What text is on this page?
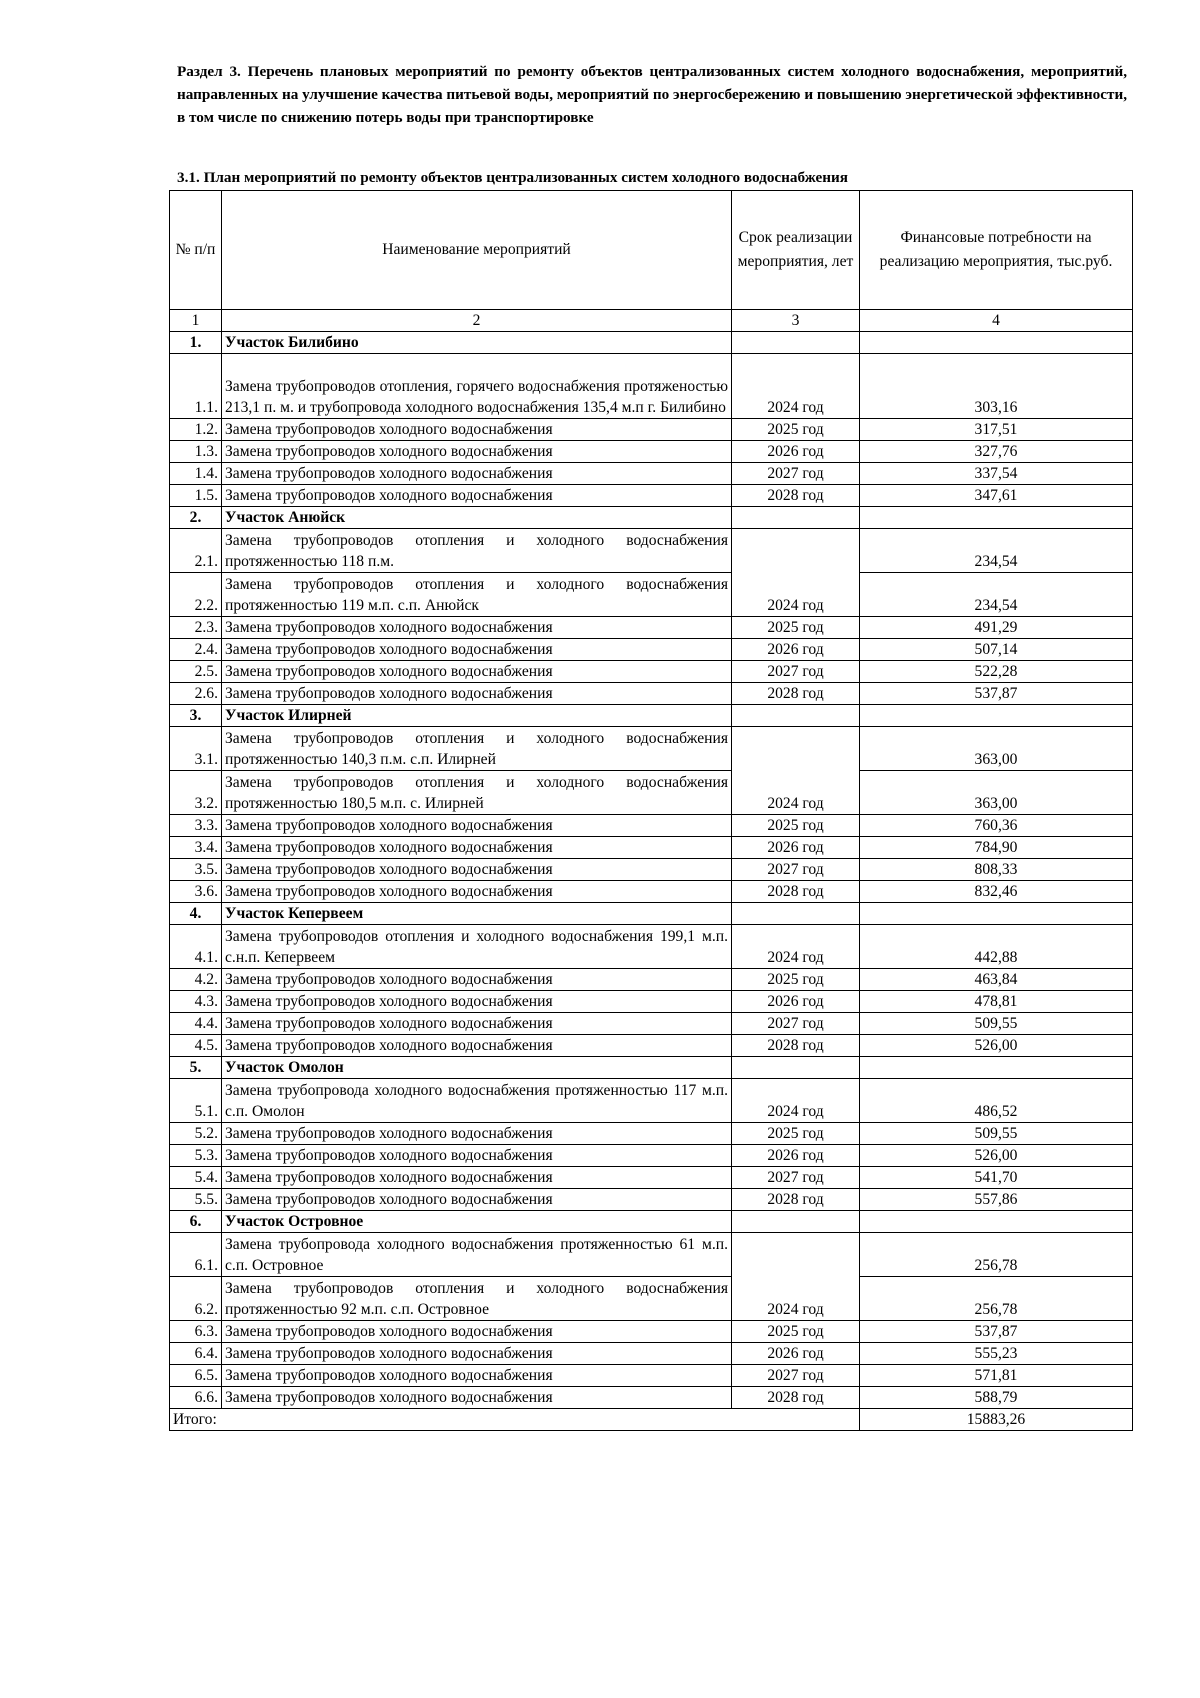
Раздел 3. Перечень плановых мероприятий по ремонту объектов централизованных систем холодного водоснабжения, мероприятий, направленных на улучшение качества питьевой воды, мероприятий по энергосбережению и повышению энергетической эффективности, в том числе по снижению потерь воды при транспортировке
3.1. План мероприятий по ремонту объектов централизованных систем холодного водоснабжения
№ п/п	Наименование мероприятий	Срок реализации мероприятия, лет	Финансовые потребности на реализацию мероприятия, тыс.руб.
1	2	3	4
1.	Участок Билибино		
1.1.	Замена трубопроводов отопления, горячего водоснабжения протяженостью 213,1 п. м. и трубопровода холодного водоснабжения 135,4 м.п г. Билибино	2024 год	303,16
1.2.	Замена трубопроводов холодного водоснабжения	2025 год	317,51
1.3.	Замена трубопроводов холодного водоснабжения	2026 год	327,76
1.4.	Замена трубопроводов холодного водоснабжения	2027 год	337,54
1.5.	Замена трубопроводов холодного водоснабжения	2028 год	347,61
2.	Участок Анюйск		
2.1.	Замена трубопроводов отопления и холодного водоснабжения протяженностью 118 п.м.	2024 год	234,54
2.2.	Замена трубопроводов отопления и холодного водоснабжения протяженностью 119 м.п. с.п. Анюйск		234,54
2.3.	Замена трубопроводов холодного водоснабжения	2025 год	491,29
2.4.	Замена трубопроводов холодного водоснабжения	2026 год	507,14
2.5.	Замена трубопроводов холодного водоснабжения	2027 год	522,28
2.6.	Замена трубопроводов холодного водоснабжения	2028 год	537,87
3.	Участок Илирней		
3.1.	Замена трубопроводов отопления и холодного водоснабжения протяженностью 140,3 п.м. с.п. Илирней	2024 год	363,00
3.2.	Замена трубопроводов отопления и холодного водоснабжения протяженностью 180,5 м.п. с. Илирней		363,00
3.3.	Замена трубопроводов холодного водоснабжения	2025 год	760,36
3.4.	Замена трубопроводов холодного водоснабжения	2026 год	784,90
3.5.	Замена трубопроводов холодного водоснабжения	2027 год	808,33
3.6.	Замена трубопроводов холодного водоснабжения	2028 год	832,46
4.	Участок Кепервеем		
4.1.	Замена трубопроводов отопления и холодного водоснабжения 199,1 м.п. с.н.п. Кепервеем	2024 год	442,88
4.2.	Замена трубопроводов холодного водоснабжения	2025 год	463,84
4.3.	Замена трубопроводов холодного водоснабжения	2026 год	478,81
4.4.	Замена трубопроводов холодного водоснабжения	2027 год	509,55
4.5.	Замена трубопроводов холодного водоснабжения	2028 год	526,00
5.	Участок Омолон		
5.1.	Замена трубопровода холодного водоснабжения протяженностью 117 м.п. с.п. Омолон	2024 год	486,52
5.2.	Замена трубопроводов холодного водоснабжения	2025 год	509,55
5.3.	Замена трубопроводов холодного водоснабжения	2026 год	526,00
5.4.	Замена трубопроводов холодного водоснабжения	2027 год	541,70
5.5.	Замена трубопроводов холодного водоснабжения	2028 год	557,86
6.	Участок Островное		
6.1.	Замена трубопровода холодного водоснабжения протяженностью 61 м.п. с.п. Островное	2024 год	256,78
6.2.	Замена трубопроводов отопления и холодного водоснабжения протяженностью 92 м.п. с.п. Островное		256,78
6.3.	Замена трубопроводов холодного водоснабжения	2025 год	537,87
6.4.	Замена трубопроводов холодного водоснабжения	2026 год	555,23
6.5.	Замена трубопроводов холодного водоснабжения	2027 год	571,81
6.6.	Замена трубопроводов холодного водоснабжения	2028 год	588,79
Итого:			15883,26
